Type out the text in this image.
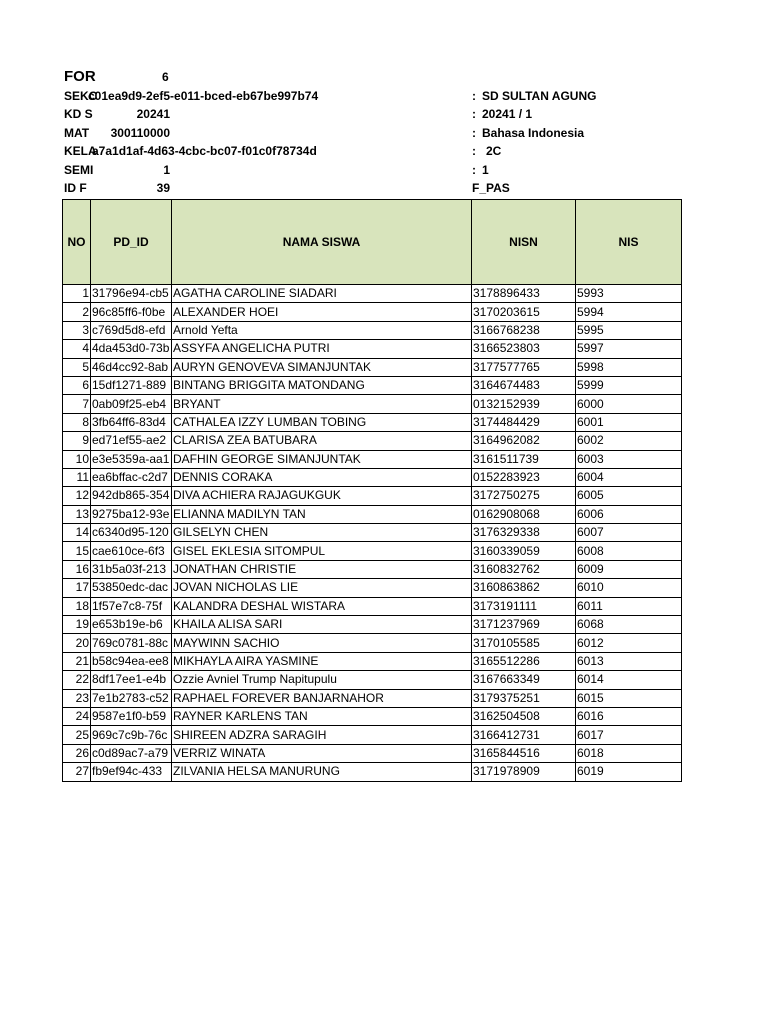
FOR	6
SEKC
c01ea9d9-2ef5-e011-bced-eb67be997b74	: SD SULTAN AGUNG
KD S	20241	: 20241 / 1
MAT	300110000	: Bahasa Indonesia
KELA
a7a1d1af-4d63-4cbc-bc07-f01c0f78734d	: 2C
SEMI	1	: 1
ID F	39	F_PAS
NO	PD_ID	NAMA SISWA	NISN	NIS
1	31796e94-cb5	AGATHA CAROLINE SIADARI	3178896433	5993
2	96c85ff6-f0be	ALEXANDER HOEI	3170203615	5994
3	c769d5d8-efd	Arnold Yefta	3166768238	5995
4	4da453d0-73b	ASSYFA ANGELICHA PUTRI	3166523803	5997
5	46d4cc92-8ab	AURYN GENOVEVA SIMANJUNTAK	3177577765	5998
6	15df1271-889	BINTANG BRIGGITA MATONDANG	3164674483	5999
7	0ab09f25-eb4	BRYANT	0132152939	6000
8	3fb64ff6-83d4	CATHALEA IZZY LUMBAN TOBING	3174484429	6001
9	ed71ef55-ae2	CLARISA ZEA BATUBARA	3164962082	6002
10	e3e5359a-aa1	DAFHIN GEORGE SIMANJUNTAK	3161511739	6003
11	ea6bffac-c2d7	DENNIS CORAKA	0152283923	6004
12	942db865-354	DIVA ACHIERA RAJAGUKGUK	3172750275	6005
13	9275ba12-93e	ELIANNA MADILYN TAN	0162908068	6006
14	c6340d95-120	GILSELYN CHEN	3176329338	6007
15	cae610ce-6f3	GISEL EKLESIA SITOMPUL	3160339059	6008
16	31b5a03f-213	JONATHAN CHRISTIE	3160832762	6009
17	53850edc-dac	JOVAN NICHOLAS LIE	3160863862	6010
18	1f57e7c8-75f	KALANDRA DESHAL WISTARA	3173191111	6011
19	e653b19e-b6	KHAILA ALISA SARI	3171237969	6068
20	769c0781-88c	MAYWINN SACHIO	3170105585	6012
21	b58c94ea-ee8	MIKHAYLA AIRA YASMINE	3165512286	6013
22	8df17ee1-e4b	Ozzie Avniel Trump Napitupulu	3167663349	6014
23	7e1b2783-c52	RAPHAEL FOREVER BANJARNAHOR	3179375251	6015
24	9587e1f0-b59	RAYNER KARLENS TAN	3162504508	6016
25	969c7c9b-76c	SHIREEN ADZRA SARAGIH	3166412731	6017
26	c0d89ac7-a79	VERRIZ WINATA	3165844516	6018
27	fb9ef94c-433	ZILVANIA HELSA MANURUNG	3171978909	6019
